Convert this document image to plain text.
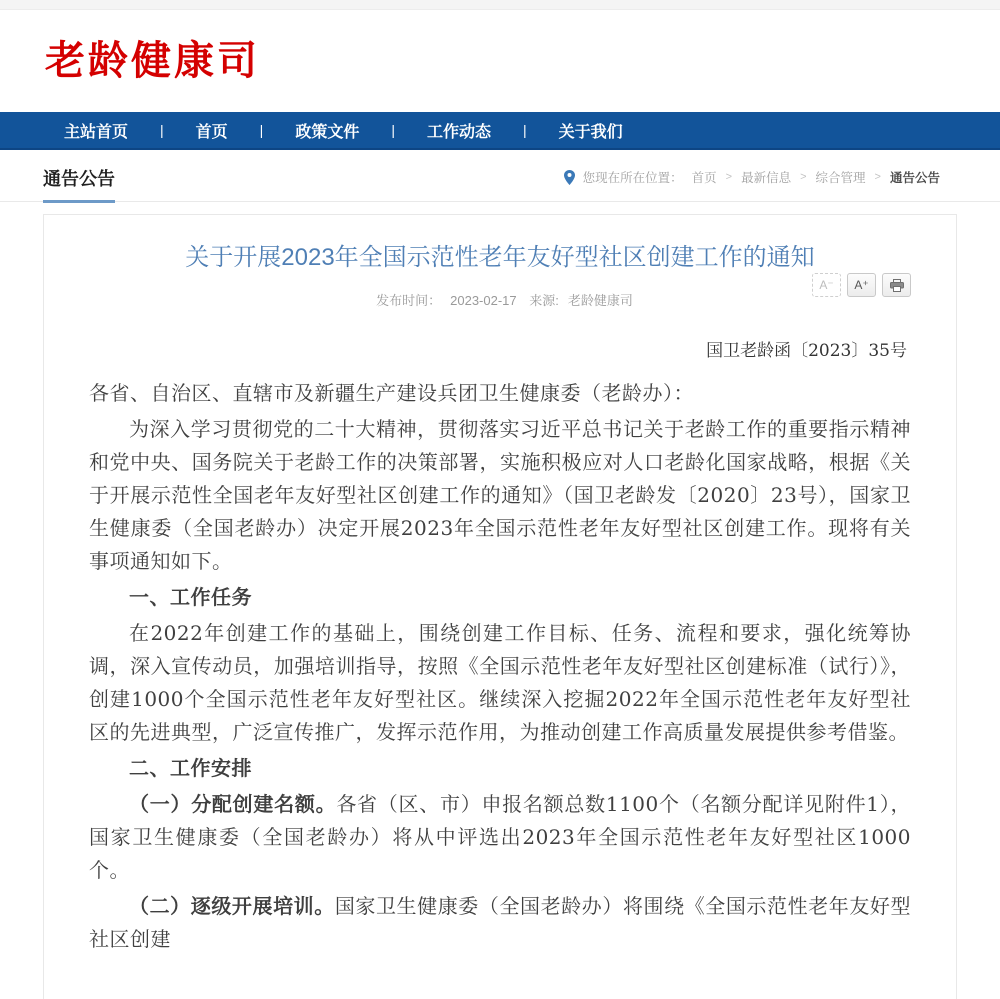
老龄健康司
主站首页 | 首页 | 政策文件 | 工作动态 | 关于我们
通告公告	您现在所在位置： 首页 > 最新信息 > 综合管理 > 通告公告
关于开展2023年全国示范性老年友好型社区创建工作的通知
发布时间： 2023-02-17 来源: 老龄健康司
A⁻	A⁺
国卫老龄函〔2023〕35号

各省、自治区、直辖市及新疆生产建设兵团卫生健康委（老龄办）：

为深入学习贯彻党的二十大精神，贯彻落实习近平总书记关于老龄工作的重要指示精神和党中央、国务院关于老龄工作的决策部署，实施积极应对人口老龄化国家战略，根据《关于开展示范性全国老年友好型社区创建工作的通知》（国卫老龄发〔2020〕23号），国家卫生健康委（全国老龄办）决定开展2023年全国示范性老年友好型社区创建工作。现将有关事项通知如下。

一、工作任务

在2022年创建工作的基础上，围绕创建工作目标、任务、流程和要求，强化统筹协调，深入宣传动员，加强培训指导，按照《全国示范性老年友好型社区创建标准（试行）》，创建1000个全国示范性老年友好型社区。继续深入挖掘2022年全国示范性老年友好型社区的先进典型，广泛宣传推广，发挥示范作用，为推动创建工作高质量发展提供参考借鉴。

二、工作安排

（一）分配创建名额。各省（区、市）申报名额总数1100个（名额分配详见附件1），国家卫生健康委（全国老龄办）将从中评选出2023年全国示范性老年友好型社区1000个。

（二）逐级开展培训。国家卫生健康委（全国老龄办）将围绕《全国示范性老年友好型社区创建
